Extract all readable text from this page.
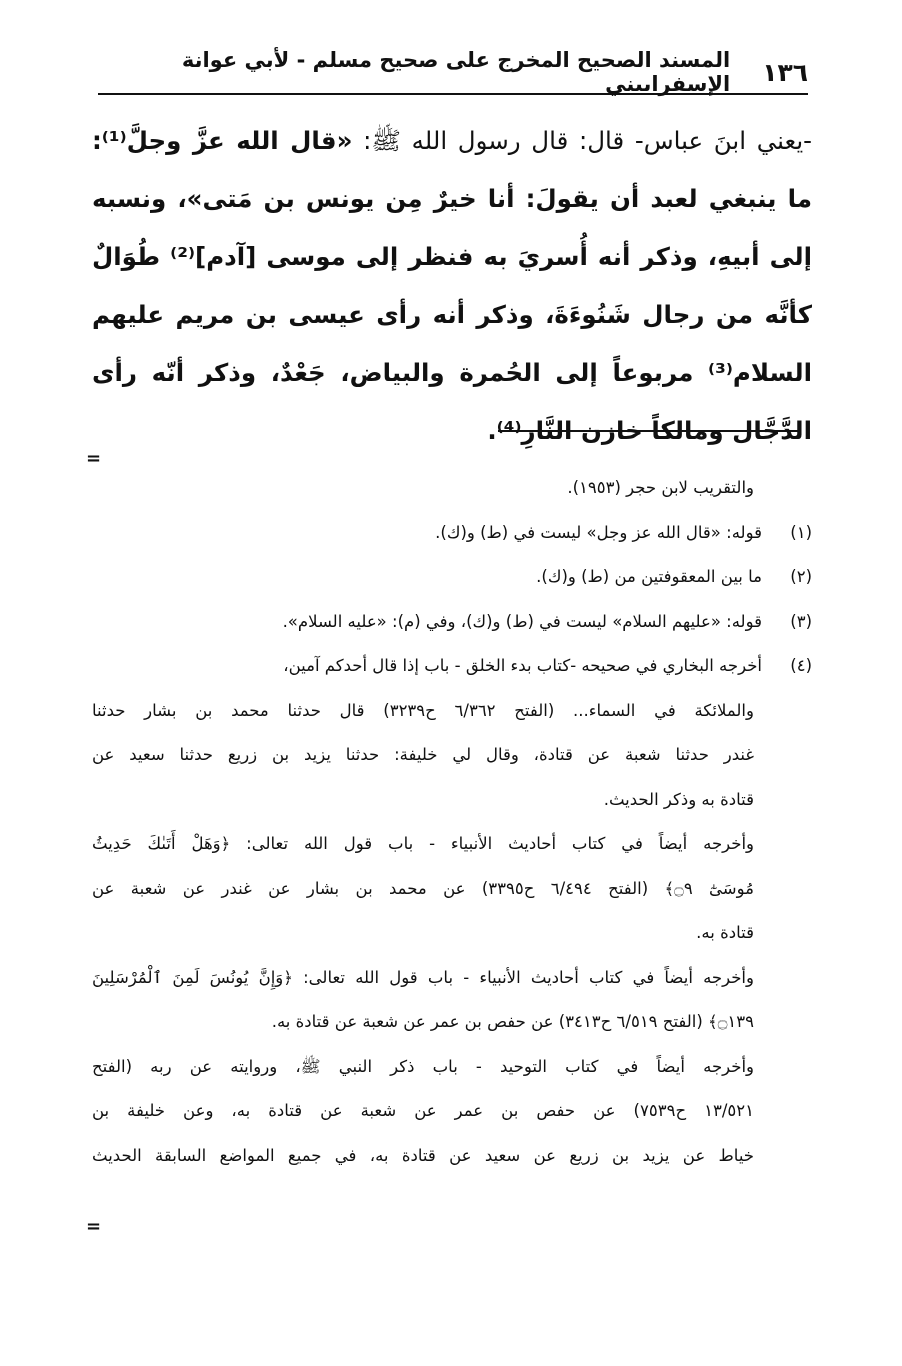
١٣٦
المسند الصحيح المخرج على صحيح مسلم - لأبي عوانة الإسفراييني
-يعني ابنَ عباس- قال: قال رسول الله ﷺ: «قال الله عزَّ وجلَّ⁽¹⁾: ما ينبغي لعبد أن يقولَ: أنا خيرٌ مِن يونس بن مَتى»، ونسبه إلى أبيهِ، وذكر أنه أُسريَ به فنظر إلى موسى [آدم]⁽²⁾ طُوَالٌ كأنَّه من رجال شَنُوءَةَ، وذكر أنه رأى عيسى بن مريم عليهم السلام⁽³⁾ مربوعاً إلى الحُمرة والبياض، جَعْدٌ، وذكر أنّه رأى الدَّجَّال ومالكاً خازن النَّارِ⁽⁴⁾.
=
والتقريب لابن حجر (١٩٥٣).
(١)قوله: «قال الله عز وجل» ليست في (ط) و(ك).
(٢)ما بين المعقوفتين من (ط) و(ك).
(٣)قوله: «عليهم السلام» ليست في (ط) و(ك)، وفي (م): «عليه السلام».
(٤)أخرجه البخاري في صحيحه -كتاب بدء الخلق - باب إذا قال أحدكم آمين،
والملائكة في السماء... (الفتح ٦/٣٦٢ ح٣٢٣٩) قال حدثنا محمد بن بشار حدثنا
غندر حدثنا شعبة عن قتادة، وقال لي خليفة: حدثنا يزيد بن زريع حدثنا سعيد عن
قتادة به وذكر الحديث.
وأخرجه أيضاً في كتاب أحاديث الأنبياء - باب قول الله تعالى: ﴿وَهَلْ أَتَىٰكَ حَدِيثُ
مُوسَىٰٓ ۝٩﴾ (الفتح ٦/٤٩٤ ح٣٣٩٥) عن محمد بن بشار عن غندر عن شعبة عن
قتادة به.
وأخرجه أيضاً في كتاب أحاديث الأنبياء - باب قول الله تعالى: ﴿وَإِنَّ يُونُسَ لَمِنَ ٱلْمُرْسَلِينَ
۝١٣٩﴾ (الفتح ٦/٥١٩ ح٣٤١٣) عن حفص بن عمر عن شعبة عن قتادة به.
وأخرجه أيضاً في كتاب التوحيد - باب ذكر النبي ﷺ، وروايته عن ربه (الفتح
١٣/٥٢١ ح٧٥٣٩) عن حفص بن عمر عن شعبة عن قتادة به، وعن خليفة بن
خياط عن يزيد بن زريع عن سعيد عن قتادة به، في جميع المواضع السابقة الحديث
=
